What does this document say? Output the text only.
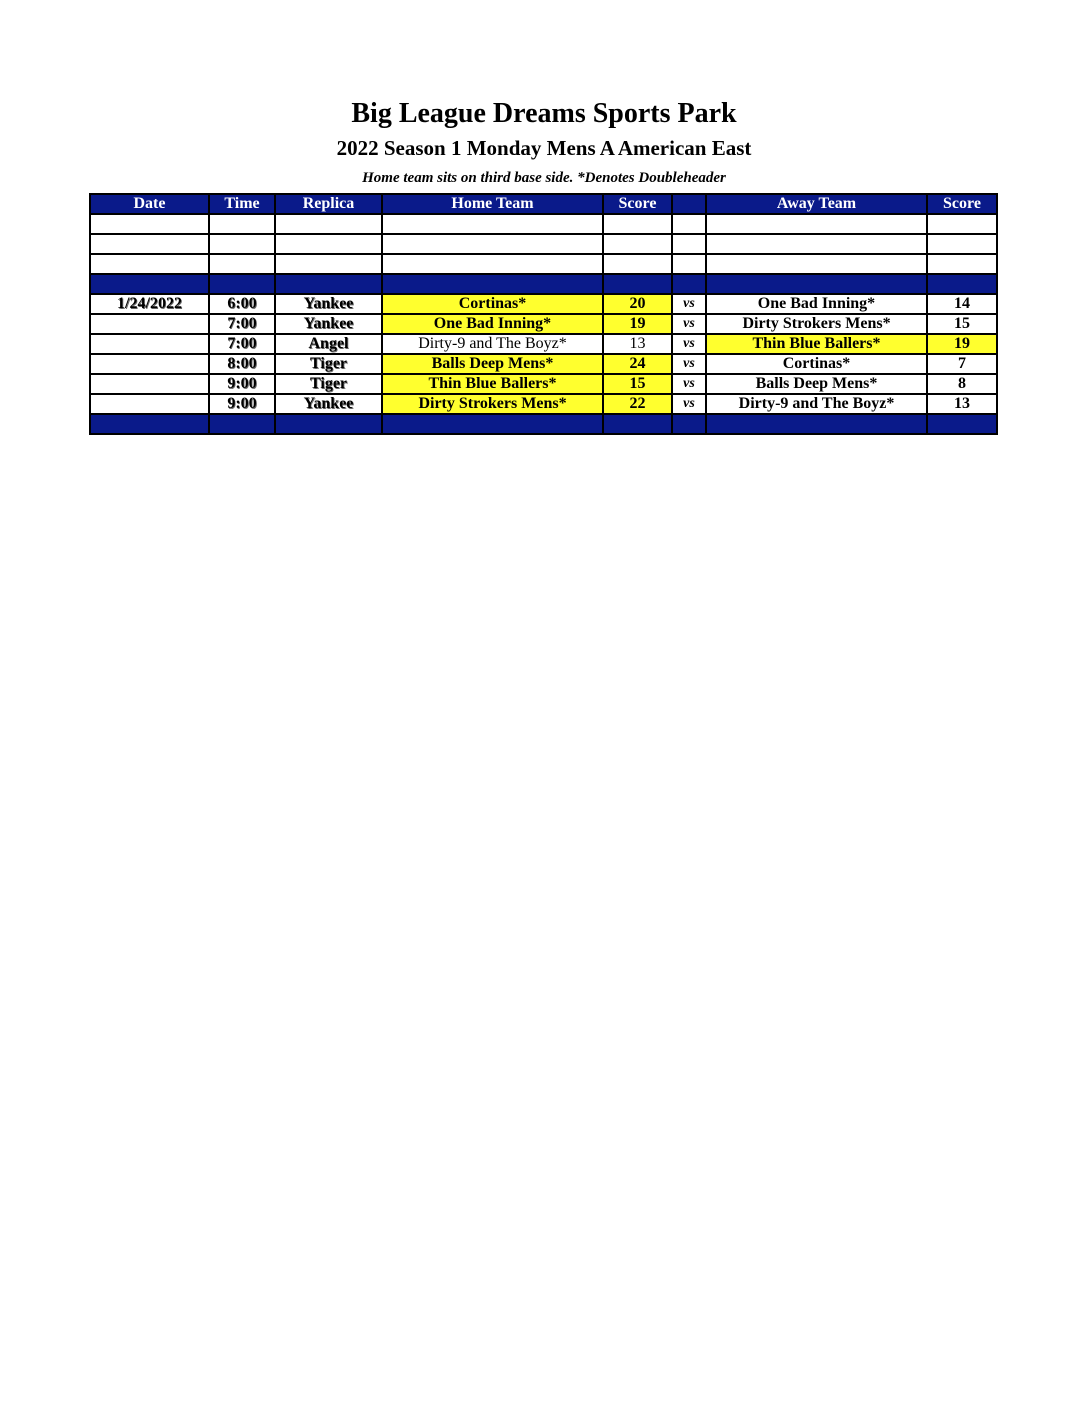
Big League Dreams Sports Park
2022 Season 1 Monday Mens A American East
Home team sits on third base side. *Denotes Doubleheader
Date	Time	Replica	Home Team	Score		Away Team	Score

1/24/2022	6:00	Yankee	Cortinas*	20	vs	One Bad Inning*	14
	7:00	Yankee	One Bad Inning*	19	vs	Dirty Strokers Mens*	15
	7:00	Angel	Dirty-9 and The Boyz*	13	vs	Thin Blue Ballers*	19
	8:00	Tiger	Balls Deep Mens*	24	vs	Cortinas*	7
	9:00	Tiger	Thin Blue Ballers*	15	vs	Balls Deep Mens*	8
	9:00	Yankee	Dirty Strokers Mens*	22	vs	Dirty-9 and The Boyz*	13
